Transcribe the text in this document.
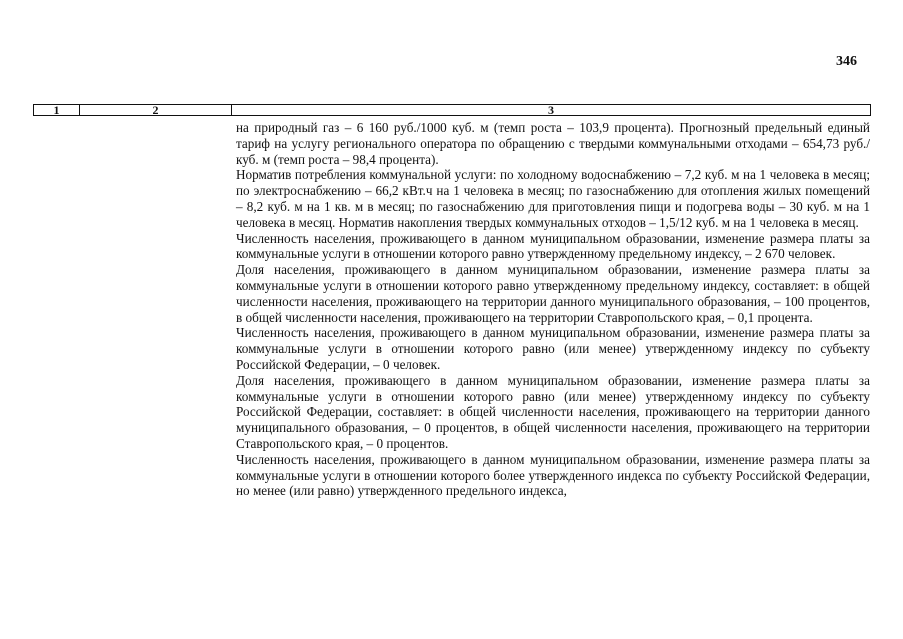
346
1	2	3

на природный газ – 6 160 руб./1000 куб. м (темп роста – 103,9 процента). Прогнозный предельный единый тариф на услугу регионального оператора по обращению с твердыми коммунальными отходами – 654,73 руб./куб. м (темп роста – 98,4 процента).

Норматив потребления коммунальной услуги: по холодному водоснабжению – 7,2 куб. м на 1 человека в месяц; по электроснабжению – 66,2 кВт.ч на 1 человека в месяц; по газоснабжению для отопления жилых помещений – 8,2 куб. м на 1 кв. м в месяц; по газоснабжению для приготовления пищи и подогрева воды – 30 куб. м на 1 человека в месяц. Норматив накопления твердых коммунальных отходов – 1,5/12 куб. м на 1 человека в месяц.

Численность населения, проживающего в данном муниципальном образовании, изменение размера платы за коммунальные услуги в отношении которого равно утвержденному предельному индексу, – 2 670 человек.

Доля населения, проживающего в данном муниципальном образовании, изменение размера платы за коммунальные услуги в отношении которого равно утвержденному предельному индексу, составляет: в общей численности населения, проживающего на территории данного муниципального образования, – 100 процентов, в общей численности населения, проживающего на территории Ставропольского края, – 0,1 процента.

Численность населения, проживающего в данном муниципальном образовании, изменение размера платы за коммунальные услуги в отношении которого равно (или менее) утвержденному индексу по субъекту Российской Федерации, – 0 человек.

Доля населения, проживающего в данном муниципальном образовании, изменение размера платы за коммунальные услуги в отношении которого равно (или менее) утвержденному индексу по субъекту Российской Федерации, составляет: в общей численности населения, проживающего на территории данного муниципального образования, – 0 процентов, в общей численности населения, проживающего на территории Ставропольского края, – 0 процентов.

Численность населения, проживающего в данном муниципальном образовании, изменение размера платы за коммунальные услуги в отношении которого более утвержденного индекса по субъекту Российской Федерации, но менее (или равно) утвержденного предельного индекса,
